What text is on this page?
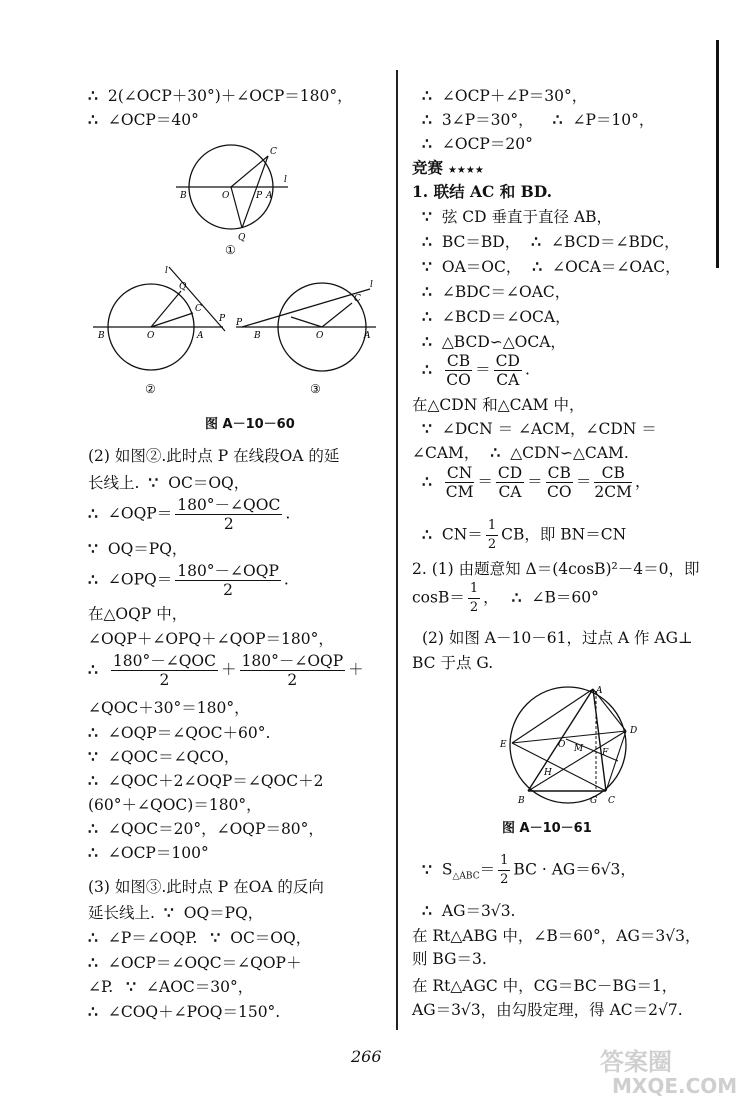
∴ 2(∠OCP＋30°)＋∠OCP＝180°，
∴ ∠OCP＝40°
B	O	P A
C
l
Q
①
l
Q
C
P
B	O	A
②
P
l
C
B	O	A
③
图 A－10－60
(2) 如图②.此时点 P 在线段OA 的延
长线上. ∵ OC＝OQ，
∴ ∠OQP＝ $\frac{\text{180°－∠QOC}}{2}$ .
∵ OQ＝PQ，
∴ ∠OPQ＝ $\frac{\text{180°－∠OQP}}{2}$ .
在△OQP 中，
∠OQP＋∠OPQ＋∠QOP＝180°，
∴ $\frac{\text{180°－∠QOC}}{2} + \frac{\text{180°－∠OQP}}{2}$ ＋
∠QOC＋30°＝180°，
∴ ∠OQP＝∠QOC＋60°.
∵ ∠QOC＝∠QCO，
∴ ∠QOC＋2∠OQP＝∠QOC＋2
(60°＋∠QOC)＝180°，
∴ ∠QOC＝20°，∠OQP＝80°，
∴ ∠OCP＝100°
(3) 如图③.此时点 P 在OA 的反向
延长线上. ∵ OQ＝PQ，
∴ ∠P＝∠OQP. ∵ OC＝OQ，
∴ ∠OCP＝∠OQC＝∠QOP＋
∠P. ∵ ∠AOC＝30°，
∴ ∠COQ＋∠POQ＝150°.
∴ ∠OCP＋∠P＝30°，
∴ 3∠P＝30°， ∴ ∠P＝10°，
∴ ∠OCP＝20°
竞赛 ★★★★
1. 联结 AC 和 BD.
∵ 弦 CD 垂直于直径 AB，
∴ BC＝BD， ∴ ∠BCD＝∠BDC，
∵ OA＝OC， ∴ ∠OCA＝∠OAC，
∴ ∠BDC＝∠OAC，
∴ ∠BCD＝∠OCA，
∴ △BCD∽△OCA，
∴ $\frac{CB}{CO} = \frac{CD}{CA}$ .
在△CDN 和△CAM 中，
∵ ∠DCN ＝ ∠ACM，∠CDN ＝
∠CAM， ∴ △CDN∽△CAM.
∴ $\frac{CN}{CM} = \frac{CD}{CA} = \frac{CB}{CO} = \frac{CB}{2CM}$ ，
∴ $CN= \frac{1}{2}$ CB，即 BN＝CN
2. (1) 由题意知 Δ＝(4cosB)²－4＝0，即
$\cos B= \frac{1}{2}$ ， ∴ ∠B＝60°
(2) 如图 A－10－61，过点 A 作 AG⊥
BC 于点 G.
A
D
E	O M F
H
B	G C
图 A－10－61
∵ $S_{\triangle ABC}= \frac{1}{2}$ BC · AG＝6√3，
∴ AG＝3√3.
在 Rt△ABG 中，∠B＝60°，AG＝3√3，
则 BG＝3.
在 Rt△AGC 中，CG＝BC－BG＝1，
AG＝3√3，由勾股定理，得 AC＝2√7.
266	答案圈
MXQE.COM
